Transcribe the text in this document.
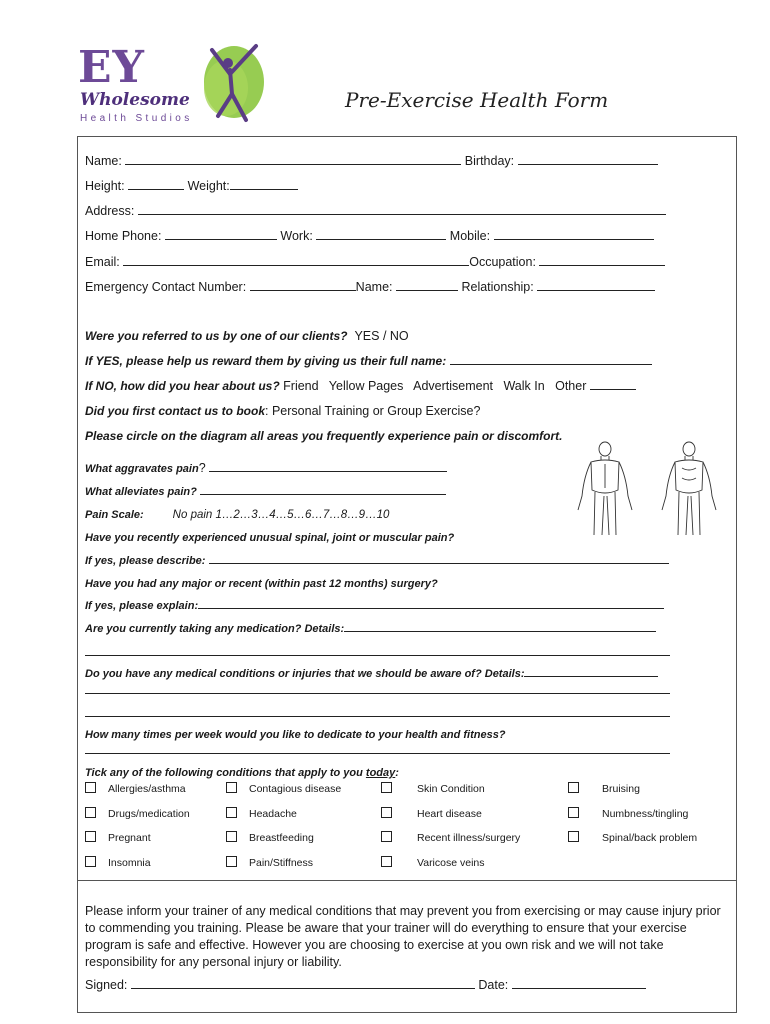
EY
Wholesome
Health Studios
Pre-Exercise Health Form
Name:	Birthday:
Height:	Weight:
Address:
Home Phone:	Work:	Mobile:
Email:	Occupation:
Emergency Contact Number:	Name:	Relationship:
Were you referred to us by one of our clients? YES / NO
If YES, please help us reward them by giving us their full name:
If NO, how did you hear about us? Friend Yellow Pages Advertisement Walk In Other
Did you first contact us to book: Personal Training or Group Exercise?
Please circle on the diagram all areas you frequently experience pain or discomfort.
What aggravates pain?
What alleviates pain?
Pain Scale:	No pain 1…2…3…4…5…6…7…8…9…10
Have you recently experienced unusual spinal, joint or muscular pain?
If yes, please describe:
Have you had any major or recent (within past 12 months) surgery?
If yes, please explain:
Are you currently taking any medication? Details:
Do you have any medical conditions or injuries that we should be aware of? Details:
How many times per week would you like to dedicate to your health and fitness?
Tick any of the following conditions that apply to you today:
Allergies/asthma	Contagious disease	Skin Condition	Bruising
Drugs/medication	Headache	Heart disease	Numbness/tingling
Pregnant	Breastfeeding	Recent illness/surgery	Spinal/back problem
Insomnia	Pain/Stiffness	Varicose veins
Please inform your trainer of any medical conditions that may prevent you from exercising or may cause injury prior to commending you training. Please be aware that your trainer will do everything to ensure that your exercise program is safe and effective. However you are choosing to exercise at you own risk and we will not take responsibility for any personal injury or liability.
Signed:	Date:
